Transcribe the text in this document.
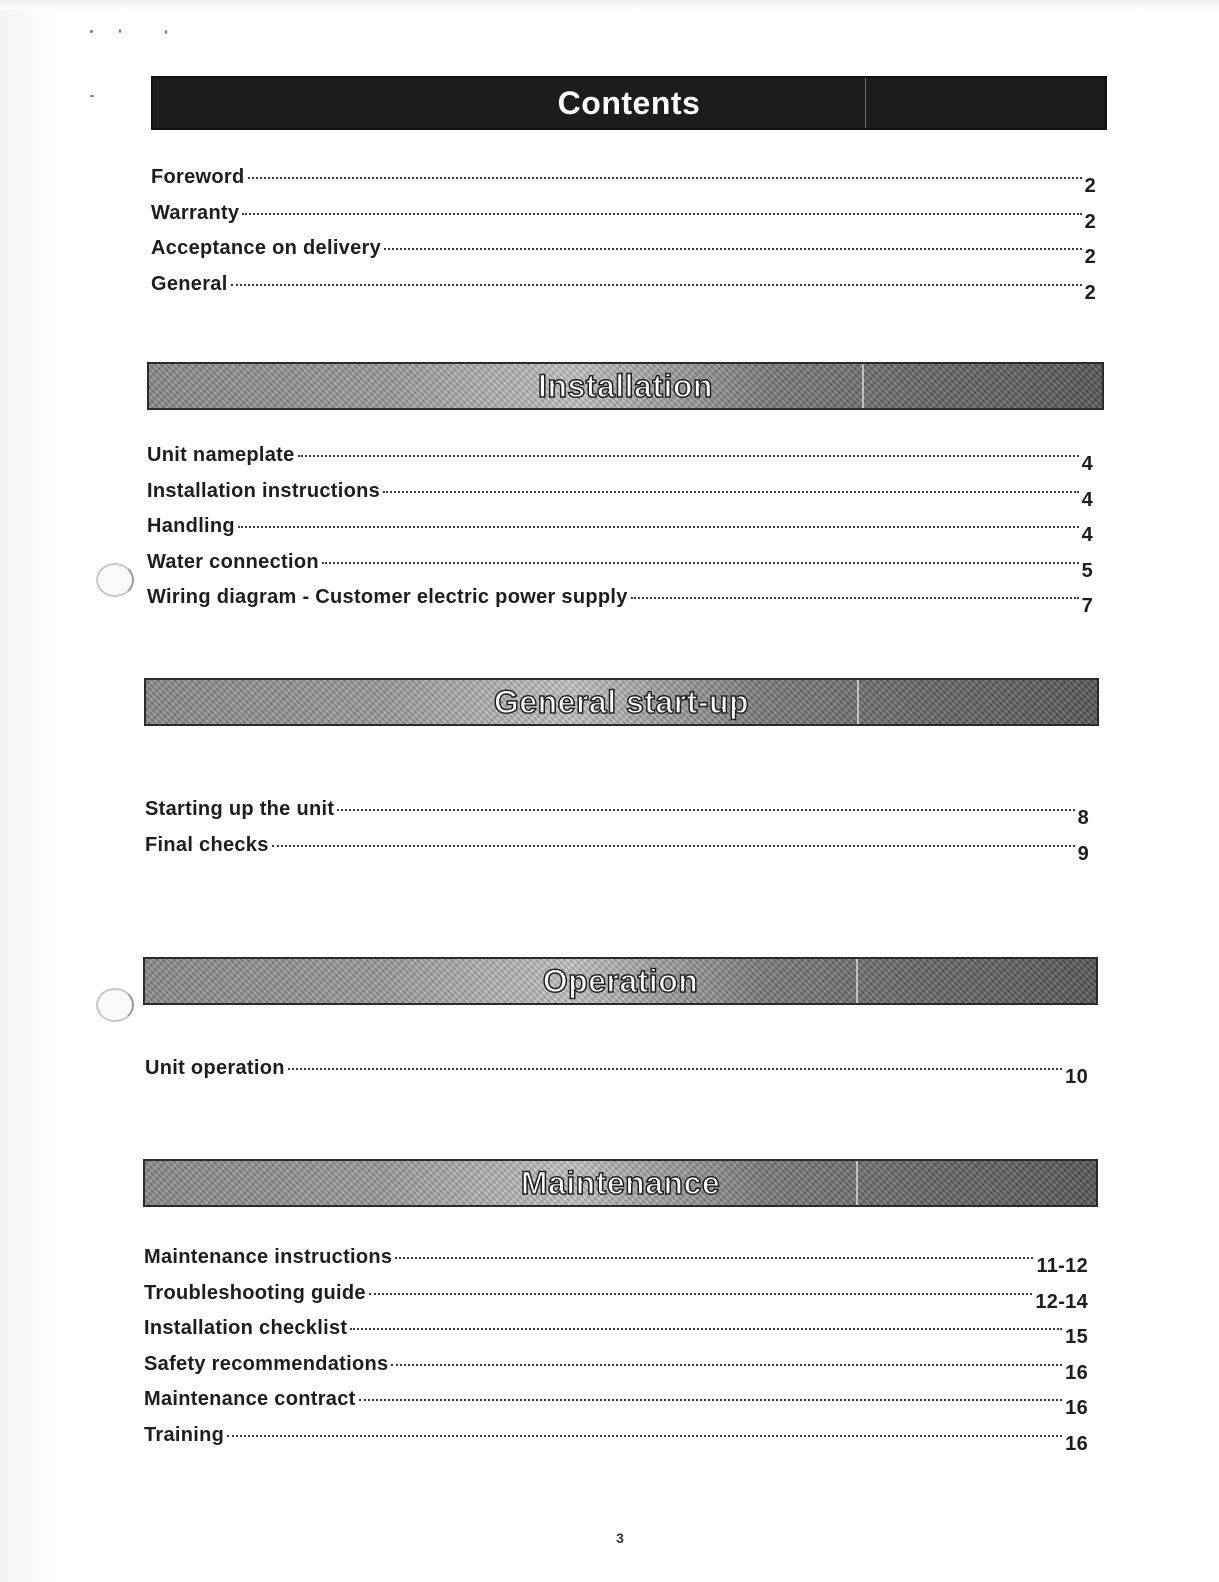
Contents
Foreword	2
Warranty	2
Acceptance on delivery	2
General	2
Installation
Unit nameplate	4
Installation instructions	4
Handling	4
Water connection	5
Wiring diagram - Customer electric power supply	7
General start-up
Starting up the unit	8
Final checks	9
Operation
Unit operation	10
Maintenance
Maintenance instructions	11-12
Troubleshooting guide	12-14
Installation checklist	15
Safety recommendations	16
Maintenance contract	16
Training	16
3
